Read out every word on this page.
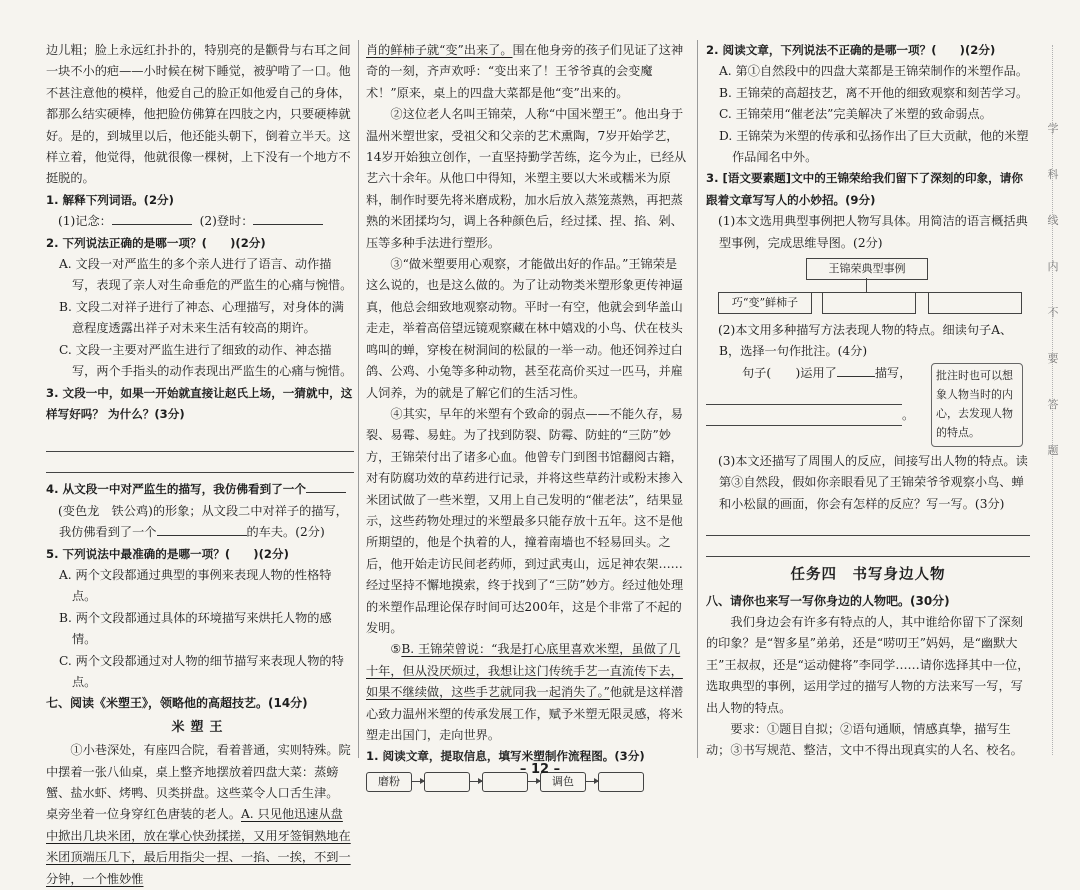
边儿粗；脸上永远红扑扑的，特别亮的是颧骨与右耳之间一块不小的疤——小时候在树下睡觉，被驴啃了一口。他不甚注意他的模样，他爱自己的脸正如他爱自己的身体，都那么结实硬棒，他把脸仿佛算在四肢之内，只要硬棒就好。是的，到城里以后，他还能头朝下，倒着立半天。这样立着，他觉得，他就很像一棵树，上下没有一个地方不挺脱的。

1. 解释下列词语。(2分)

(1)记念：	(2)登时：

2. 下列说法正确的是哪一项？(　　)(2分)

A. 文段一对严监生的多个亲人进行了语言、动作描写，表现了亲人对生命垂危的严监生的心痛与惋惜。

B. 文段二对祥子进行了神态、心理描写，对身体的满意程度透露出祥子对未来生活有较高的期许。

C. 文段一主要对严监生进行了细致的动作、神态描写，两个手指头的动作表现出严监生的心痛与惋惜。

3. 文段一中，如果一开始就直接让赵氏上场，一猜就中，这样写好吗？ 为什么？(3分)

4. 从文段一中对严监生的描写，我仿佛看到了一个

(变色龙　铁公鸡)的形象；从文段二中对祥子的描写，我仿佛看到了一个	的车夫。(2分)

5. 下列说法中最准确的是哪一项？(　　)(2分)

A. 两个文段都通过典型的事例来表现人物的性格特点。

B. 两个文段都通过具体的环境描写来烘托人物的感情。

C. 两个文段都通过对人物的细节描写来表现人物的特点。

七、阅读《米塑王》，领略他的高超技艺。(14分)

米塑王

①小巷深处，有座四合院，看着普通，实则特殊。院中摆着一张八仙桌，桌上整齐地摆放着四盘大菜：蒸螃蟹、盐水虾、烤鸭、贝类拼盘。这些菜令人口舌生津。 桌旁坐着一位身穿红色唐装的老人。A. 只见他迅速从盘中掀出几块米团，放在掌心快劲揉搓，又用牙签铜熟地在米团顶端压几下，最后用指尖一捏、一掐、一挨，不到一分钟，一个惟妙惟

肖的鲜柿子就“变”出来了。围在他身旁的孩子们见证了这神奇的一刻，齐声欢呼：“变出来了！王爷爷真的会变魔术！”原来，桌上的四盘大菜都是他“变”出来的。

②这位老人名叫王锦荣，人称“中国米塑王”。他出身于温州米塑世家，受祖父和父亲的艺术熏陶，7岁开始学艺，14岁开始独立创作，一直坚持勤学苦练，迄今为止，已经从艺六十余年。从他口中得知，米塑主要以大米或糯米为原料，制作时要先将米磨成粉，加水后放入蒸笼蒸熟，再把蒸熟的米团揉均匀，调上各种颜色后，经过揉、捏、掐、剁、压等多种手法进行塑形。

③“做米塑要用心观察，才能做出好的作品。”王锦荣是这么说的，也是这么做的。为了让动物类米塑形象更传神逼真，他总会细致地观察动物。平时一有空，他就会到华盖山走走，举着高倍望远镜观察藏在林中嬉戏的小鸟、伏在枝头鸣叫的蝉，穿梭在树洞间的松鼠的一举一动。他还饲养过白鸽、公鸡、小兔等多种动物，甚至花高价买过一匹马，并雇人饲养，为的就是了解它们的生活习性。

④其实，早年的米塑有个致命的弱点——不能久存，易裂、易霉、易蛀。为了找到防裂、防霉、防蛀的“三防”妙方，王锦荣付出了诸多心血。他曾专门到图书馆翻阅古籍，对有防腐功效的草药进行记录，并将这些草药汁或粉末掺入米团试做了一些米塑，又用上自己发明的“催老法”，结果显示，这些药物处理过的米塑最多只能存放十五年。这不是他所期望的，他是个执着的人，撞着南墙也不轻易回头。之后，他开始走访民间老药师，到过武夷山，远足神农架……经过坚持不懈地摸索，终于找到了“三防”妙方。经过他处理的米塑作品理论保存时间可达200年，这是个非常了不起的发明。

⑤B. 王锦荣曾说：“我是打心底里喜欢米塑，虽做了几十年，但从没厌烦过，我想让这门传统手艺一直流传下去，如果不继续做，这些手艺就同我一起消失了。”他就是这样潜心致力温州米塑的传承发展工作，赋予米塑无限灵感，将米塑走出国门，走向世界。

1. 阅读文章，提取信息，填写米塑制作流程图。(3分)

磨粉	调色

2. 阅读文章，下列说法不正确的是哪一项？(　　)(2分)

A. 第①自然段中的四盘大菜都是王锦荣制作的米塑作品。

B. 王锦荣的高超技艺，离不开他的细致观察和刻苦学习。

C. 王锦荣用“催老法”完美解决了米塑的致命弱点。

D. 王锦荣为米塑的传承和弘扬作出了巨大贡献，他的米塑作品闻名中外。

3. [语文要素题]文中的王锦荣给我们留下了深刻的印象，请你跟着文章写写人的小妙招。(9分)

(1)本文选用典型事例把人物写具体。用简洁的语言概括典型事例，完成思维导图。(2分)

王锦荣典型事例
巧“变”鲜柿子

(2)本文用多种描写方法表现人物的特点。细读句子A、B，选择一句作批注。(4分)

句子(　　)运用了	描写，

。
批注时也可以想象人物当时的内心，去发现人物的特点。

(3)本文还描写了周围人的反应，间接写出人物的特点。读第③自然段，假如你亲眼看见了王锦荣爷爷观察小鸟、蝉和小松鼠的画面，你会有怎样的反应？写一写。(3分)

任务四　书写身边人物

八、请你也来写一写你身边的人物吧。(30分)

我们身边会有许多有特点的人，其中谁给你留下了深刻的印象？是“智多星”弟弟，还是“唠叨王”妈妈，是“幽默大王”王叔叔，还是“运动健将”李同学……请你选择其中一位，选取典型的事例，运用学过的描写人物的方法来写一写，写出人物的特点。

要求：①题目自拟；②语句通顺，情感真挚，描写生动；③书写规范、整洁，文中不得出现真实的人名、校名。

学
科
线
内
不
要
答
题
– 12 –
